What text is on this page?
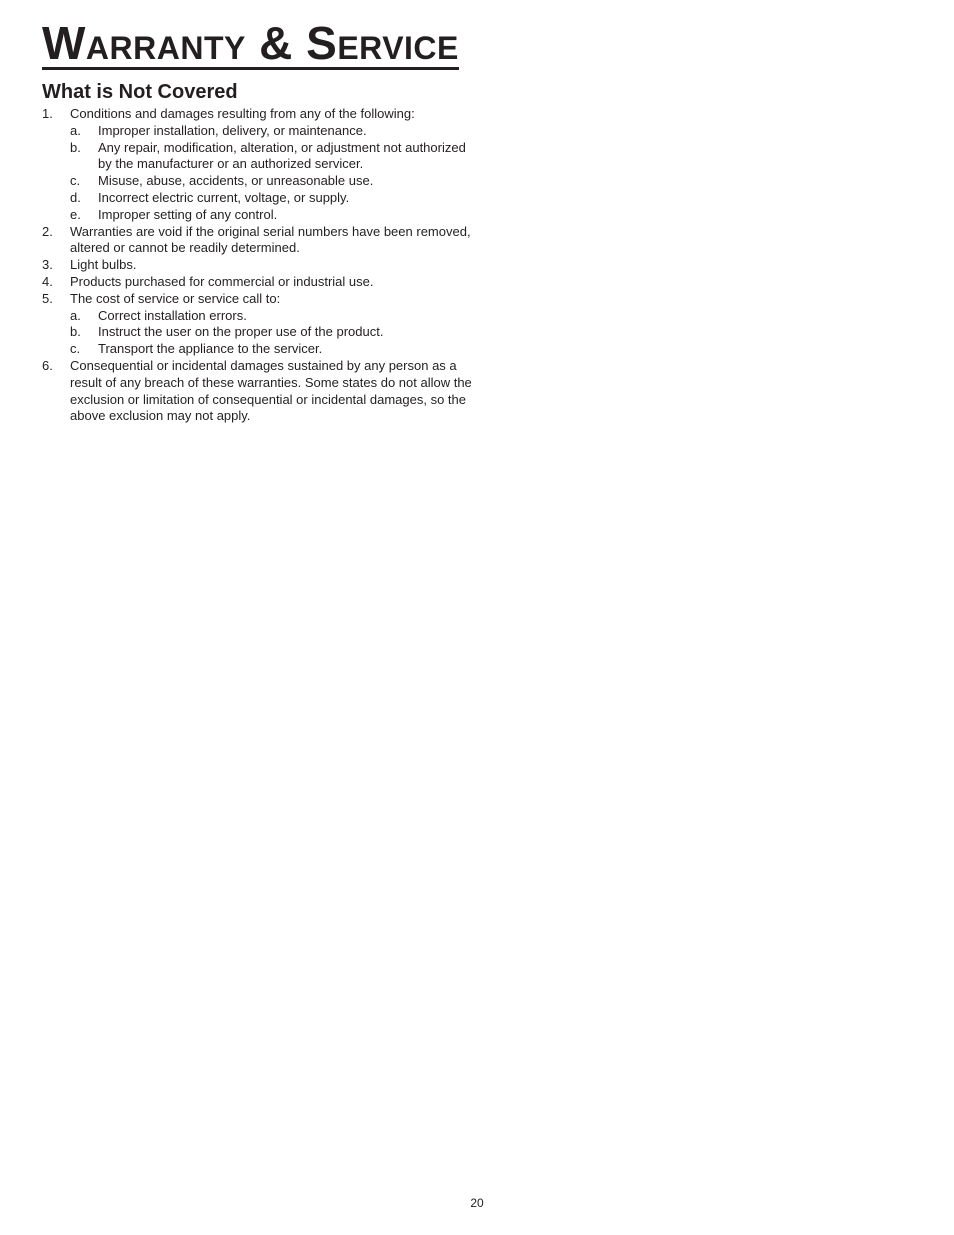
Warranty & Service
What is Not Covered
1. Conditions and damages resulting from any of the following:
a. Improper installation, delivery, or maintenance.
b. Any repair, modification, alteration, or adjustment not authorized by the manufacturer or an authorized servicer.
c. Misuse, abuse, accidents, or unreasonable use.
d. Incorrect electric current, voltage, or supply.
e. Improper setting of any control.
2. Warranties are void if the original serial numbers have been removed, altered or cannot be readily determined.
3. Light bulbs.
4. Products purchased for commercial or industrial use.
5. The cost of service or service call to:
a. Correct installation errors.
b. Instruct the user on the proper use of the product.
c. Transport the appliance to the servicer.
6. Consequential or incidental damages sustained by any person as a result of any breach of these warranties. Some states do not allow the exclusion or limitation of consequential or incidental damages, so the above exclusion may not apply.
20
